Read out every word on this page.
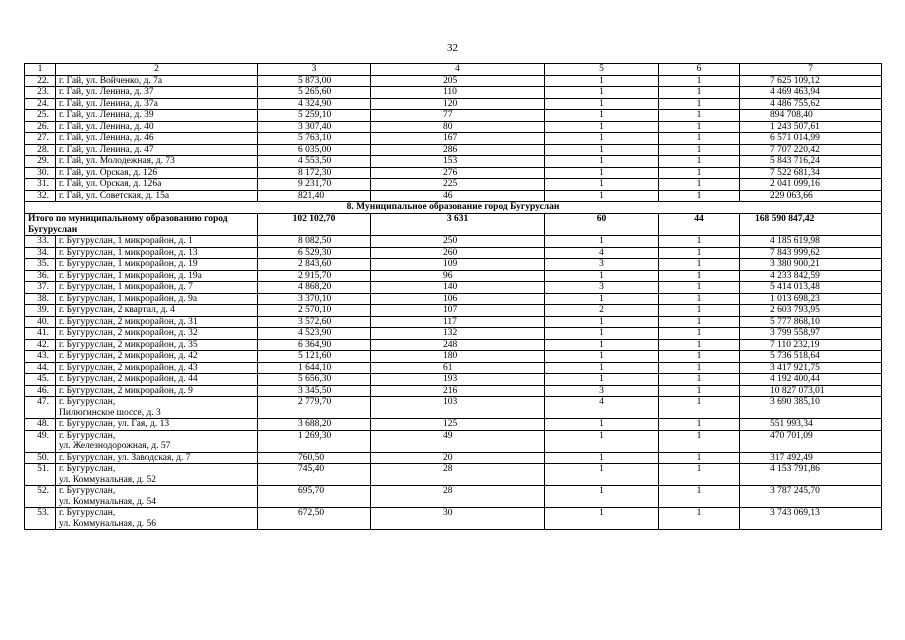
32
1	2	3	4	5	6	7
22.	г. Гай, ул. Войченко, д. 7а	5 873,00	205	1	1	7 625 109,12
23.	г. Гай, ул. Ленина, д. 37	5 265,60	110	1	1	4 469 463,94
24.	г. Гай, ул. Ленина, д. 37а	4 324,90	120	1	1	4 486 755,62
25.	г. Гай, ул. Ленина, д. 39	5 259,10	77	1	1	894 708,40
26.	г. Гай, ул. Ленина, д. 40	3 307,40	80	1	1	1 243 507,61
27.	г. Гай, ул. Ленина, д. 46	5 763,10	167	1	1	6 571 014,99
28.	г. Гай, ул. Ленина, д. 47	6 035,00	286	1	1	7 707 220,42
29.	г. Гай, ул. Молодежная, д. 73	4 553,50	153	1	1	5 843 716,24
30.	г. Гай, ул. Орская, д. 126	8 172,30	276	1	1	7 522 681,34
31.	г. Гай, ул. Орская, д. 126а	9 231,70	225	1	1	2 041 099,16
32.	г. Гай, ул. Советская, д. 15а	821,40	46	1	1	229 063,66
8. Муниципальное образование город Бугуруслан						
Итого по муниципальному образованию город Бугуруслан		102 102,70	3 631	60	44	168 590 847,42
33.	г. Бугуруслан, 1 микрорайон, д. 1	8 082,50	250	1	1	4 185 619,98
34.	г. Бугуруслан, 1 микрорайон, д. 13	6 529,30	260	4	1	7 843 999,62
35.	г. Бугуруслан, 1 микрорайон, д. 19	2 843,60	109	3	1	3 380 900,21
36.	г. Бугуруслан, 1 микрорайон, д. 19а	2 915,70	96	1	1	4 233 842,59
37.	г. Бугуруслан, 1 микрорайон, д. 7	4 868,20	140	3	1	5 414 013,48
38.	г. Бугуруслан, 1 микрорайон, д. 9а	3 370,10	106	1	1	1 013 698,23
39.	г. Бугуруслан, 2 квартал, д. 4	2 570,10	107	2	1	2 603 793,95
40.	г. Бугуруслан, 2 микрорайон, д. 31	3 572,60	117	1	1	5 777 868,10
41.	г. Бугуруслан, 2 микрорайон, д. 32	4 523,90	132	1	1	3 799 558,97
42.	г. Бугуруслан, 2 микрорайон, д. 35	6 364,90	248	1	1	7 110 232,19
43.	г. Бугуруслан, 2 микрорайон, д. 42	5 121,60	180	1	1	5 736 518,64
44.	г. Бугуруслан, 2 микрорайон, д. 43	1 644,10	61	1	1	3 417 921,75
45.	г. Бугуруслан, 2 микрорайон, д. 44	5 656,30	193	1	1	4 192 400,44
46.	г. Бугуруслан, 2 микрорайон, д. 9	3 345,50	216	3	1	10 827 073,01
47.	г. Бугуруслан,
Пилюгинское шоссе, д. 3	2 779,70	103	4	1	3 690 385,10
48.	г. Бугуруслан, ул. Гая, д. 13	3 688,20	125	1	1	551 993,34
49.	г. Бугуруслан,
ул. Железнодорожная, д. 57	1 269,30	49	1	1	470 701,09
50.	г. Бугуруслан, ул. Заводская, д. 7	760,50	20	1	1	317 492,49
51.	г. Бугуруслан,
ул. Коммунальная, д. 52	745,40	28	1	1	4 153 791,86
52.	г. Бугуруслан,
ул. Коммунальная, д. 54	695,70	28	1	1	3 787 245,70
53.	г. Бугуруслан,
ул. Коммунальная, д. 56	672,50	30	1	1	3 743 069,13
